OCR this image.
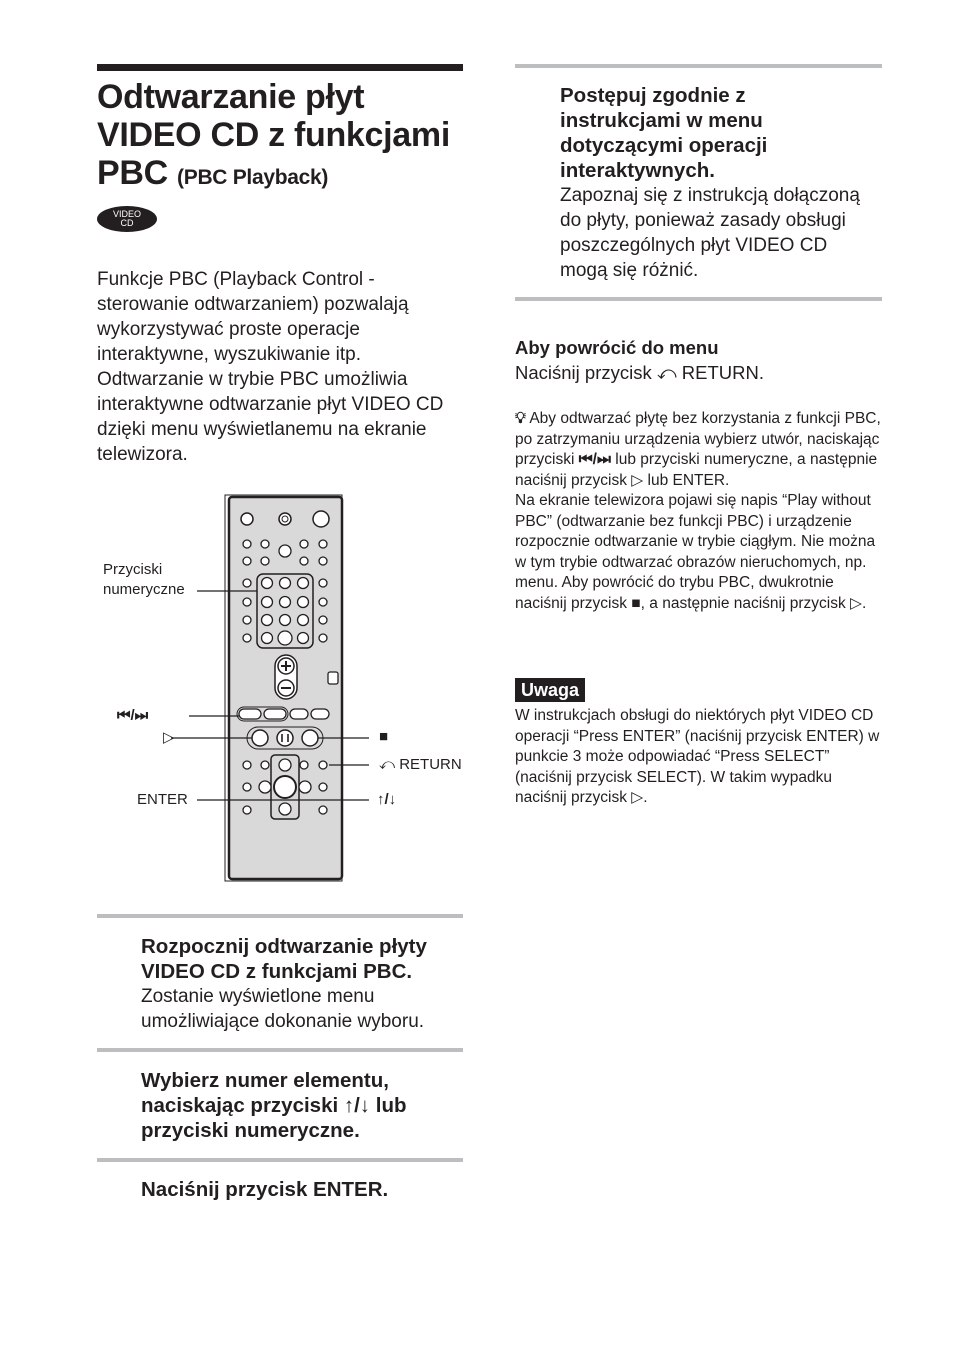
Odtwarzanie płyt
VIDEO CD z funkcjami
PBC (PBC Playback)
VIDEO
CD
Funkcje PBC (Playback Control - sterowanie odtwarzaniem) pozwalają wykorzystywać proste operacje interaktywne, wyszukiwanie itp. Odtwarzanie w trybie PBC umożliwia interaktywne odtwarzanie płyt VIDEO CD dzięki menu wyświetlanemu na ekranie telewizora.
Przyciski numeryczne
⏮/⏭
▷
ENTER
■
⤺ RETURN
↑/↓
Rozpocznij odtwarzanie płyty VIDEO CD z funkcjami PBC.
Zostanie wyświetlone menu umożliwiające dokonanie wyboru.
Wybierz numer elementu, naciskając przyciski ↑/↓ lub przyciski numeryczne.
Naciśnij przycisk ENTER.
Postępuj zgodnie z instrukcjami w menu dotyczącymi operacji interaktywnych.
Zapoznaj się z instrukcją dołączoną do płyty, ponieważ zasady obsługi poszczególnych płyt VIDEO CD mogą się różnić.
Aby powrócić do menu
Naciśnij przycisk ⤺ RETURN.
💡︎ Aby odtwarzać płytę bez korzystania z funkcji PBC, po zatrzymaniu urządzenia wybierz utwór, naciskając przyciski ⏮/⏭ lub przyciski numeryczne, a następnie naciśnij przycisk ▷ lub ENTER.
Na ekranie telewizora pojawi się napis “Play without PBC” (odtwarzanie bez funkcji PBC) i urządzenie rozpocznie odtwarzanie w trybie ciągłym. Nie można w tym trybie odtwarzać obrazów nieruchomych, np. menu. Aby powrócić do trybu PBC, dwukrotnie naciśnij przycisk ■, a następnie naciśnij przycisk ▷.
Uwaga
W instrukcjach obsługi do niektórych płyt VIDEO CD operacji “Press ENTER” (naciśnij przycisk ENTER) w punkcie 3 może odpowiadać “Press SELECT” (naciśnij przycisk SELECT). W takim wypadku naciśnij przycisk ▷.
